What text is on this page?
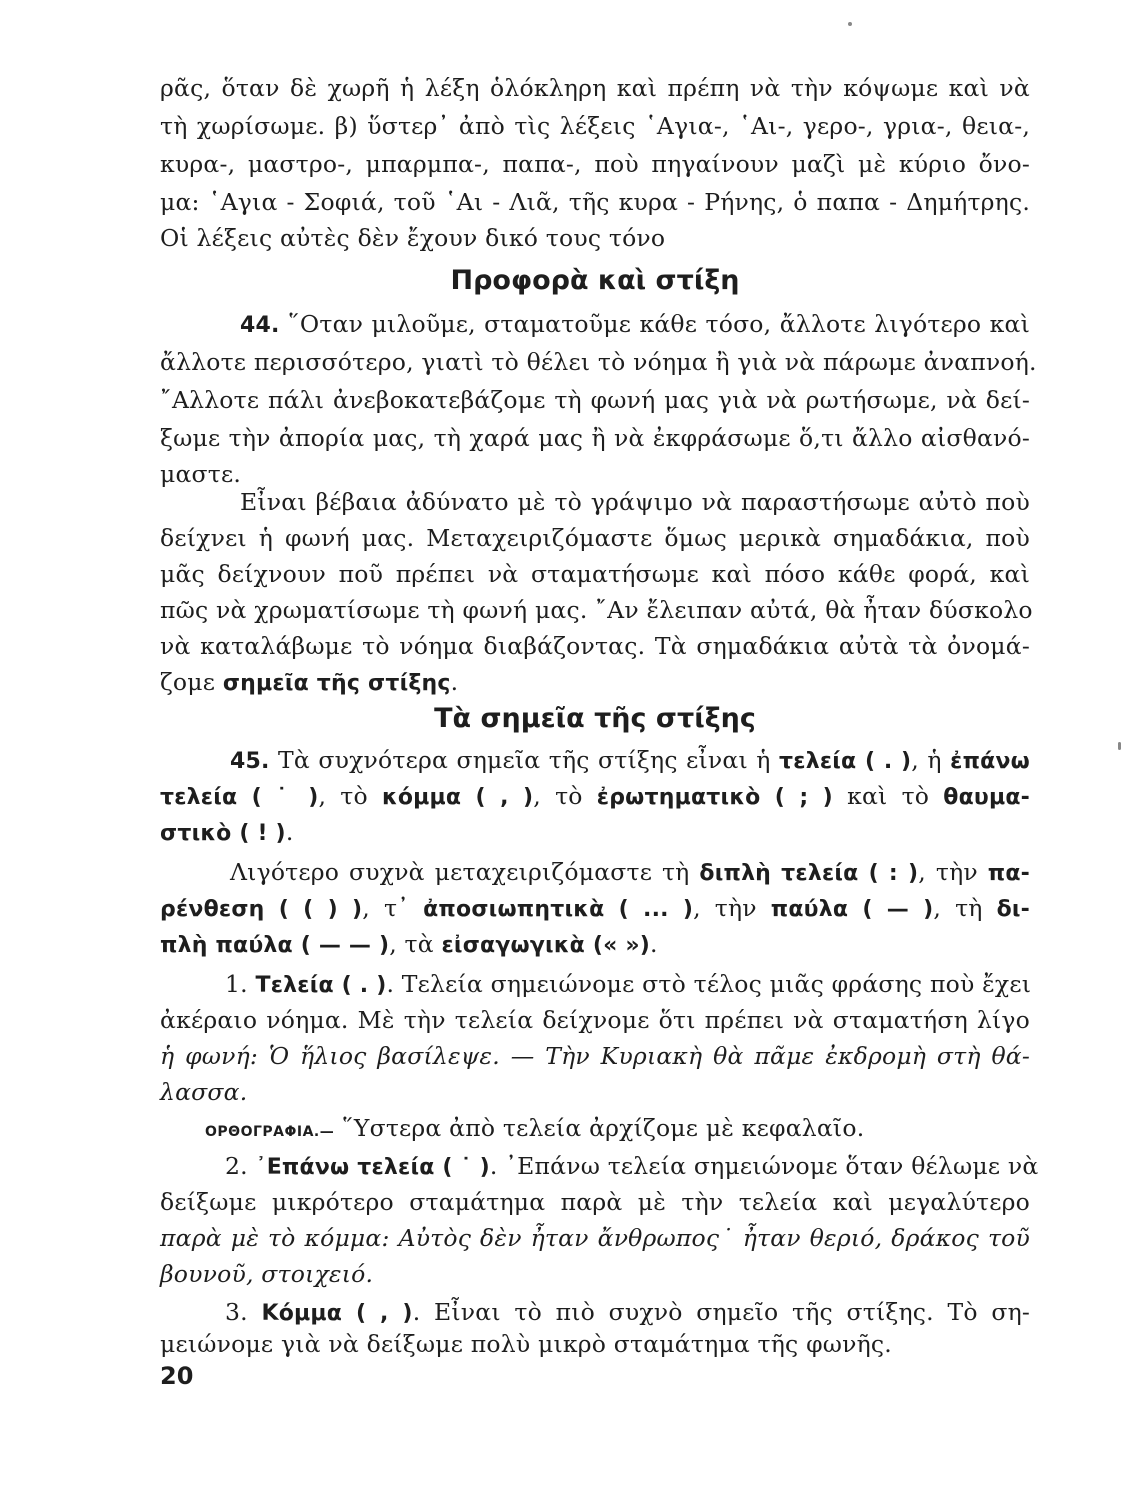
ρᾶς, ὅταν δὲ χωρῆ ἡ λέξη ὁλόκληρη καὶ πρέπη νὰ τὴν κόψωμε καὶ νὰ
τὴ χωρίσωμε. β) ὕστερ᾽ ἀπὸ τὶς λέξεις ῾Αγια-, ῾Αι-, γερο-, γρια-, θεια-,
κυρα-, μαστρο-, μπαρμπα-, παπα-, ποὺ πηγαίνουν μαζὶ μὲ κύριο ὄνο-
μα: ῾Αγια - Σοφιά, τοῦ ῾Αι - Λιᾶ, τῆς κυρα - Ρήνης, ὁ παπα - Δημήτρης.
Οἱ λέξεις αὐτὲς δὲν ἔχουν δικό τους τόνο
Προφορὰ καὶ στίξη
44. ῞Οταν μιλοῦμε, σταματοῦμε κάθε τόσο, ἄλλοτε λιγότερο καὶ
ἄλλοτε περισσότερο, γιατὶ τὸ θέλει τὸ νόημα ἢ γιὰ νὰ πάρωμε ἀναπνοή.
῎Αλλοτε πάλι ἀνεβοκατεβάζομε τὴ φωνή μας γιὰ νὰ ρωτήσωμε, νὰ δεί-
ξωμε τὴν ἀπορία μας, τὴ χαρά μας ἢ νὰ ἐκφράσωμε ὅ,τι ἄλλο αἰσθανό-
μαστε.
Εἶναι βέβαια ἀδύνατο μὲ τὸ γράψιμο νὰ παραστήσωμε αὐτὸ ποὺ
δείχνει ἡ φωνή μας. Μεταχειριζόμαστε ὅμως μερικὰ σημαδάκια, ποὺ
μᾶς δείχνουν ποῦ πρέπει νὰ σταματήσωμε καὶ πόσο κάθε φορά, καὶ
πῶς νὰ χρωματίσωμε τὴ φωνή μας. ῎Αν ἔλειπαν αὐτά, θὰ ἦταν δύσκολο
νὰ καταλάβωμε τὸ νόημα διαβάζοντας. Τὰ σημαδάκια αὐτὰ τὰ ὀνομά-
ζομε σημεῖα τῆς στίξης.
Τὰ σημεῖα τῆς στίξης
45. Τὰ συχνότερα σημεῖα τῆς στίξης εἶναι ἡ τελεία ( . ), ἡ ἐπάνω
τελεία ( ˙ ), τὸ κόμμα ( , ), τὸ ἐρωτηματικὸ ( ; ) καὶ τὸ θαυμα-
στικὸ ( ! ).
Λιγότερο συχνὰ μεταχειριζόμαστε τὴ διπλὴ τελεία ( : ), τὴν πα-
ρένθεση ( ( ) ), τ᾽ ἀποσιωπητικὰ ( ... ), τὴν παύλα ( — ), τὴ δι-
πλὴ παύλα ( — — ), τὰ εἰσαγωγικὰ (« »).
1. Τελεία ( . ). Τελεία σημειώνομε στὸ τέλος μιᾶς φράσης ποὺ ἔχει
ἀκέραιο νόημα. Μὲ τὴν τελεία δείχνομε ὅτι πρέπει νὰ σταματήση λίγο
ἡ φωνή: Ὁ ἥλιος βασίλεψε. — Τὴν Κυριακὴ θὰ πᾶμε ἐκδρομὴ στὴ θά-
λασσα.
ΟΡΘΟΓΡΑΦΙΑ.— ῞Υστερα ἀπὸ τελεία ἀρχίζομε μὲ κεφαλαῖο.
2. ᾽Επάνω τελεία ( ˙ ). ᾽Επάνω τελεία σημειώνομε ὅταν θέλωμε νὰ
δείξωμε μικρότερο σταμάτημα παρὰ μὲ τὴν τελεία καὶ μεγαλύτερο
παρὰ μὲ τὸ κόμμα: Αὐτὸς δὲν ἦταν ἄνθρωπος˙ ἦταν θεριό, δράκος τοῦ
βουνοῦ, στοιχειό.
3. Κόμμα ( , ). Εἶναι τὸ πιὸ συχνὸ σημεῖο τῆς στίξης. Τὸ ση-
μειώνομε γιὰ νὰ δείξωμε πολὺ μικρὸ σταμάτημα τῆς φωνῆς.
20
